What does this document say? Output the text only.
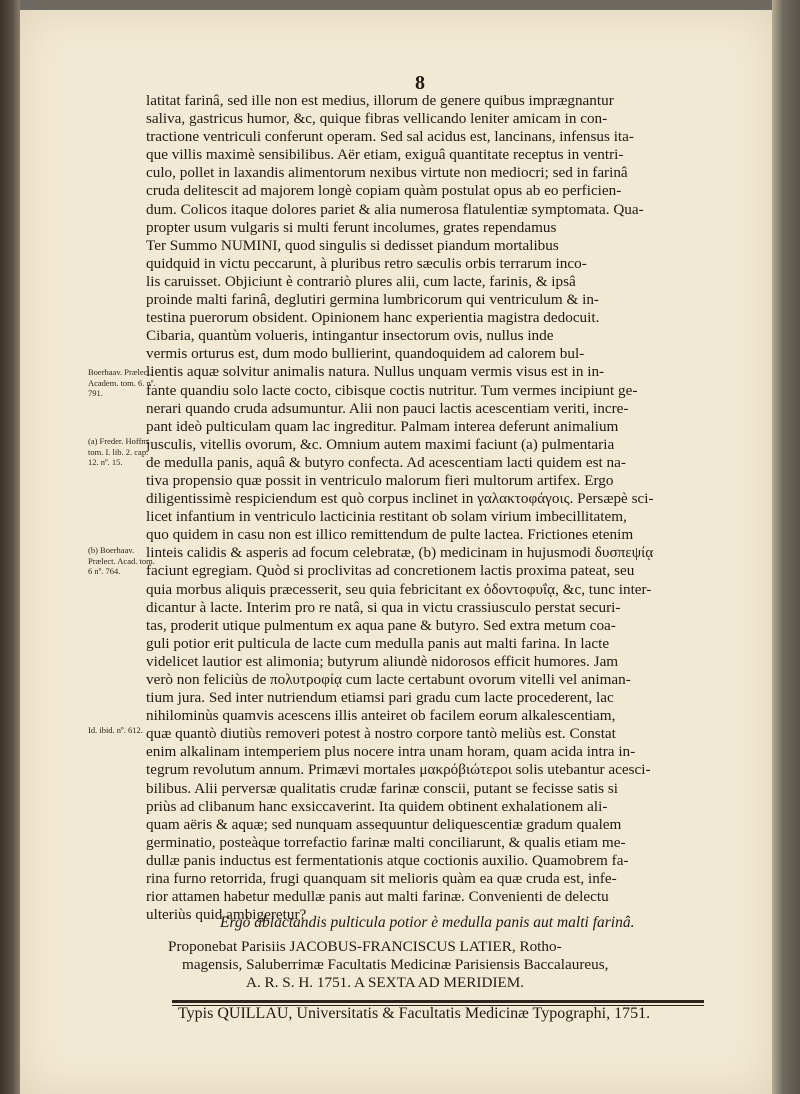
8
latitat farinâ, sed ille non est medius, illorum de genere quibus imprægnantur
saliva, gastricus humor, &c, quique fibras vellicando leniter amicam in con-
tractione ventriculi conferunt operam. Sed sal acidus est, lancinans, infensus ita-
que villis maximè sensibilibus. Aër etiam, exiguâ quantitate receptus in ventri-
culo, pollet in laxandis alimentorum nexibus virtute non mediocri; sed in farinâ
cruda delitescit ad majorem longè copiam quàm postulat opus ab eo perficien-
dum. Colicos itaque dolores pariet & alia numerosa flatulentiæ symptomata. Qua-
propter usum vulgaris si multi ferunt incolumes, grates rependamus
Ter Summo NUMINI, quod singulis si dedisset piandum mortalibus
quidquid in victu peccarunt, à pluribus retro sæculis orbis terrarum inco-
lis caruisset. Objiciunt è contrariò plures alii, cum lacte, farinis, & ipsâ
proinde malti farinâ, deglutiri germina lumbricorum qui ventriculum & in-
testina puerorum obsident. Opinionem hanc experientia magistra dedocuit.
Cibaria, quantùm volueris, intingantur insectorum ovis, nullus inde
vermis orturus est, dum modo bullierint, quandoquidem ad calorem bul-
lientis aquæ solvitur animalis natura. Nullus unquam vermis visus est in in-
fante quandiu solo lacte cocto, cibisque coctis nutritur. Tum vermes incipiunt ge-
nerari quando cruda adsumuntur. Alii non pauci lactis acescentiam veriti, incre-
pant ideò pulticulam quam lac ingreditur. Palmam interea deferunt animalium
jusculis, vitellis ovorum, &c. Omnium autem maximi faciunt (a) pulmentaria
de medulla panis, aquâ & butyro confecta. Ad acescentiam lacti quidem est na-
tiva propensio quæ possit in ventriculo malorum fieri multorum artifex. Ergo
diligentissimè respiciendum est quò corpus inclinet in γαλακτοφάγοις. Persæpè sci-
licet infantium in ventriculo lacticinia restitant ob solam virium imbecillitatem,
quo quidem in casu non est illico remittendum de pulte lactea. Frictiones etenim
linteis calidis & asperis ad focum celebratæ, (b) medicinam in hujusmodi δυσπεψίᾳ
faciunt egregiam. Quòd si proclivitas ad concretionem lactis proxima pateat, seu
quia morbus aliquis præcesserit, seu quia febricitant ex ὀδοντοφυΐᾳ, &c, tunc inter-
dicantur à lacte. Interim pro re natâ, si qua in victu crassiusculo perstat securi-
tas, proderit utique pulmentum ex aqua pane & butyro. Sed extra metum coa-
guli potior erit pulticula de lacte cum medulla panis aut malti farina. In lacte
videlicet lautior est alimonia; butyrum aliundè nidorosos efficit humores. Jam
verò non feliciùs de πολυτροφίᾳ cum lacte certabunt ovorum vitelli vel animan-
tium jura. Sed inter nutriendum etiamsi pari gradu cum lacte procederent, lac
nihilominùs quamvis acescens illis anteiret ob facilem eorum alkalescentiam,
quæ quantò diutiùs removeri potest à nostro corpore tantò meliùs est. Constat
enim alkalinam intemperiem plus nocere intra unam horam, quam acida intra in-
tegrum revolutum annum. Primævi mortales μακρόβιώτεροι solis utebantur acesci-
bilibus. Alii perversæ qualitatis crudæ farinæ conscii, putant se fecisse satis si
priùs ad clibanum hanc exsiccaverint. Ita quidem obtinent exhalationem ali-
quam aëris & aquæ; sed nunquam assequuntur deliquescentiæ gradum qualem
germinatio, posteàque torrefactio farinæ malti conciliarunt, & qualis etiam me-
dullæ panis inductus est fermentationis atque coctionis auxilio. Quamobrem fa-
rina furno retorrida, frugi quanquam sit melioris quàm ea quæ cruda est, infe-
rior attamen habetur medullæ panis aut malti farinæ. Convenienti de delectu
ulteriùs quid ambigeretur?
Boerhaav. Prælect. Academ. tom. 6. nº. 791.
(a) Freder. Hoffm. tom. I. lib. 2. cap. 12. nº. 15.
(b) Boerhaav. Prælect. Acad. tom. 6 nº. 764.
Id. ibid. nº. 612.
Ergò ablactandis pulticula potior è medulla panis aut malti farinâ.
Proponebat Parisiis JACOBUS-FRANCISCUS LATIER, Rotho-
magensis, Saluberrimæ Facultatis Medicinæ Parisiensis Baccalaureus,
A. R. S. H. 1751. A SEXTA AD MERIDIEM.
Typis QUILLAU, Universitatis & Facultatis Medicinæ Typographi, 1751.
